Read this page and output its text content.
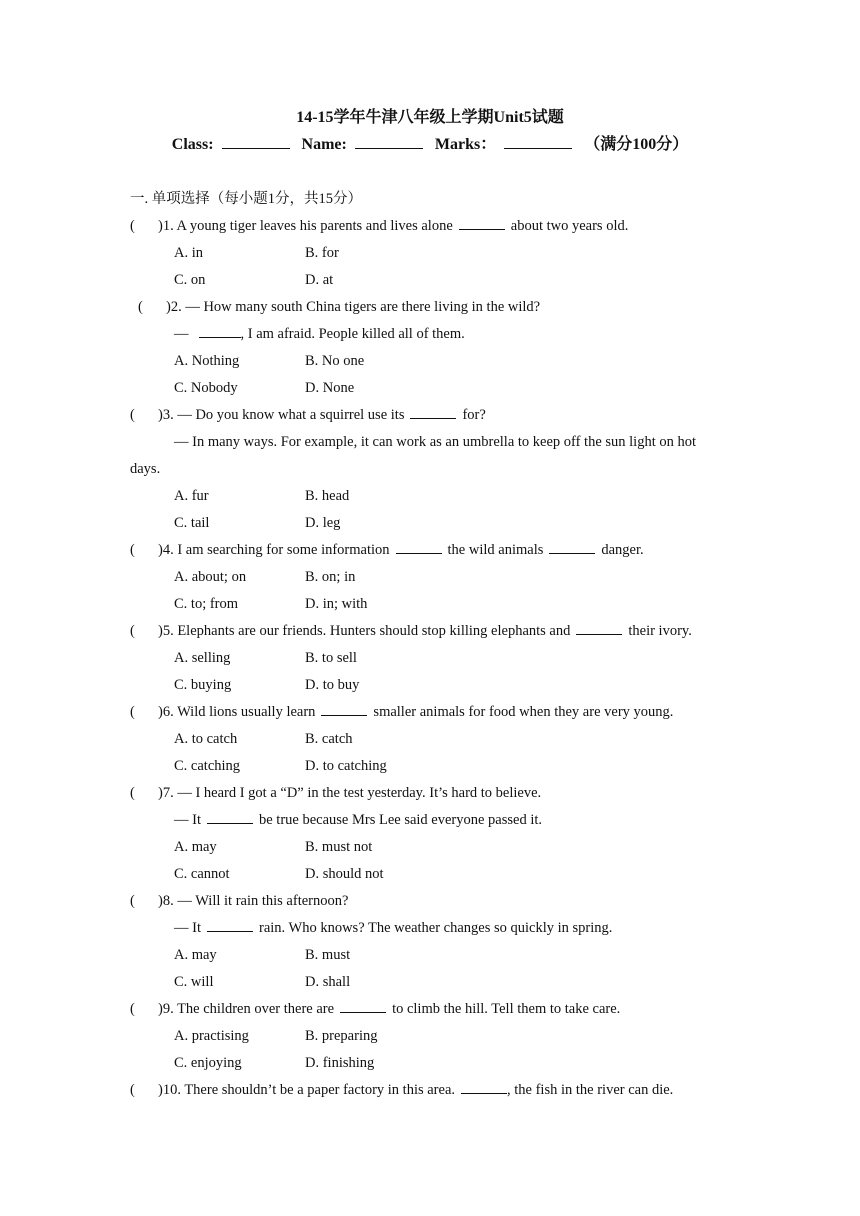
14-15学年牛津八年级上学期Unit5试题
Class:	Name:	Marks：	（满分100分）
一. 单项选择（每小题1分，共15分）
( )1. A young tiger leaves his parents and lives alone	about two years old.
A. in	B. for
C. on	D. at
( )2. — How many south China tigers are there living in the wild?
—	, I am afraid. People killed all of them.
A. Nothing	B. No one
C. Nobody	D. None
( )3. — Do you know what a squirrel use its	for?
— In many ways. For example, it can work as an umbrella to keep off the sun light on hot
days.
A. fur	B. head
C. tail	D. leg
( )4. I am searching for some information	the wild animals	danger.
A. about; on	B. on; in
C. to; from	D. in; with
( )5. Elephants are our friends. Hunters should stop killing elephants and	their ivory.
A. selling	B. to sell
C. buying	D. to buy
( )6. Wild lions usually learn	smaller animals for food when they are very young.
A. to catch	B. catch
C. catching	D. to catching
( )7. — I heard I got a “D” in the test yesterday. It’s hard to believe.
— It	be true because Mrs Lee said everyone passed it.
A. may	B. must not
C. cannot	D. should not
( )8. — Will it rain this afternoon?
— It	rain. Who knows? The weather changes so quickly in spring.
A. may	B. must
C. will	D. shall
( )9. The children over there are	to climb the hill. Tell them to take care.
A. practising	B. preparing
C. enjoying	D. finishing
( )10. There shouldn’t be a paper factory in this area.	, the fish in the river can die.
